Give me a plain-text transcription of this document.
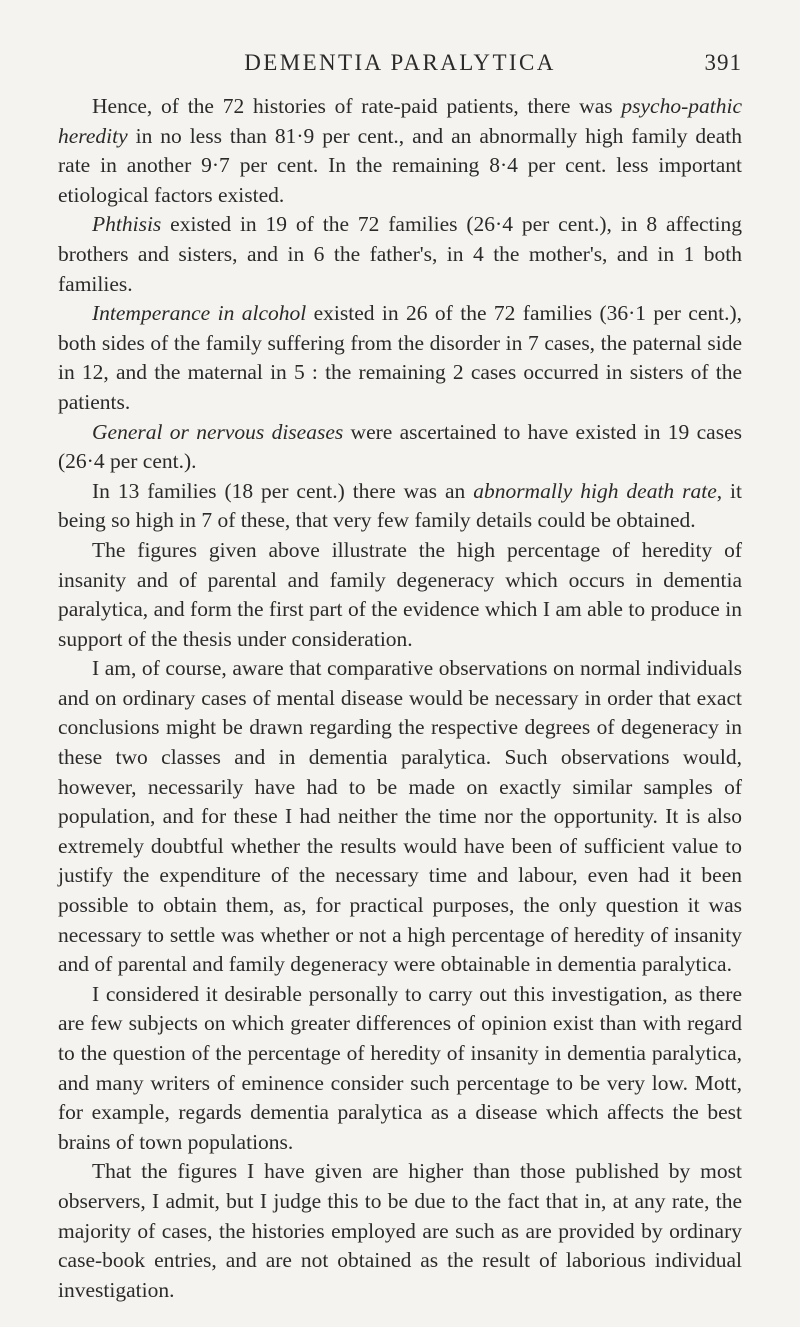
DEMENTIA PARALYTICA	391

Hence, of the 72 histories of rate-paid patients, there was psycho-pathic heredity in no less than 81·9 per cent., and an abnormally high family death rate in another 9·7 per cent. In the remaining 8·4 per cent. less important etiological factors existed.

Phthisis existed in 19 of the 72 families (26·4 per cent.), in 8 affecting brothers and sisters, and in 6 the father's, in 4 the mother's, and in 1 both families.

Intemperance in alcohol existed in 26 of the 72 families (36·1 per cent.), both sides of the family suffering from the disorder in 7 cases, the paternal side in 12, and the maternal in 5 : the remaining 2 cases occurred in sisters of the patients.

General or nervous diseases were ascertained to have existed in 19 cases (26·4 per cent.).

In 13 families (18 per cent.) there was an abnormally high death rate, it being so high in 7 of these, that very few family details could be obtained.

The figures given above illustrate the high percentage of heredity of insanity and of parental and family degeneracy which occurs in dementia paralytica, and form the first part of the evidence which I am able to produce in support of the thesis under consideration.

I am, of course, aware that comparative observations on normal individuals and on ordinary cases of mental disease would be necessary in order that exact conclusions might be drawn regarding the respective degrees of degeneracy in these two classes and in dementia paralytica. Such observations would, however, necessarily have had to be made on exactly similar samples of population, and for these I had neither the time nor the opportunity. It is also extremely doubtful whether the results would have been of sufficient value to justify the expenditure of the necessary time and labour, even had it been possible to obtain them, as, for practical purposes, the only question it was necessary to settle was whether or not a high percentage of heredity of insanity and of parental and family degeneracy were obtainable in dementia paralytica.

I considered it desirable personally to carry out this investigation, as there are few subjects on which greater differences of opinion exist than with regard to the question of the percentage of heredity of insanity in dementia paralytica, and many writers of eminence consider such percentage to be very low. Mott, for example, regards dementia paralytica as a disease which affects the best brains of town populations.

That the figures I have given are higher than those published by most observers, I admit, but I judge this to be due to the fact that in, at any rate, the majority of cases, the histories employed are such as are provided by ordinary case-book entries, and are not obtained as the result of laborious individual investigation.
